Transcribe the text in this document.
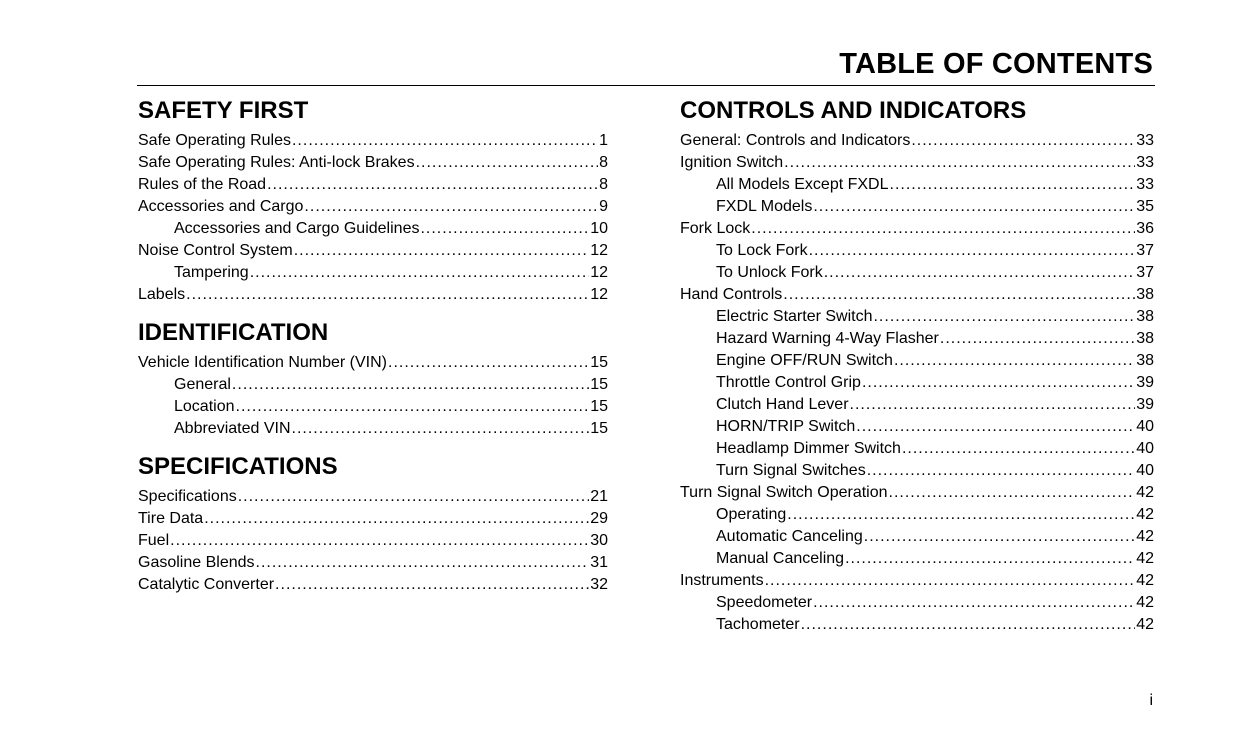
TABLE OF CONTENTS
SAFETY FIRST
Safe Operating Rules .....	1
Safe Operating Rules: Anti-lock Brakes .....	8
Rules of the Road .....	8
Accessories and Cargo .....	9
Accessories and Cargo Guidelines .....	10
Noise Control System .....	12
Tampering .....	12
Labels .....	12
IDENTIFICATION
Vehicle Identification Number (VIN) .....	15
General .....	15
Location .....	15
Abbreviated VIN .....	15
SPECIFICATIONS
Specifications .....	21
Tire Data .....	29
Fuel .....	30
Gasoline Blends .....	31
Catalytic Converter .....	32
CONTROLS AND INDICATORS
General: Controls and Indicators .....	33
Ignition Switch .....	33
All Models Except FXDL .....	33
FXDL Models .....	35
Fork Lock .....	36
To Lock Fork .....	37
To Unlock Fork .....	37
Hand Controls .....	38
Electric Starter Switch .....	38
Hazard Warning 4-Way Flasher .....	38
Engine OFF/RUN Switch .....	38
Throttle Control Grip .....	39
Clutch Hand Lever .....	39
HORN/TRIP Switch .....	40
Headlamp Dimmer Switch .....	40
Turn Signal Switches .....	40
Turn Signal Switch Operation .....	42
Operating .....	42
Automatic Canceling .....	42
Manual Canceling .....	42
Instruments .....	42
Speedometer .....	42
Tachometer .....	42
i
